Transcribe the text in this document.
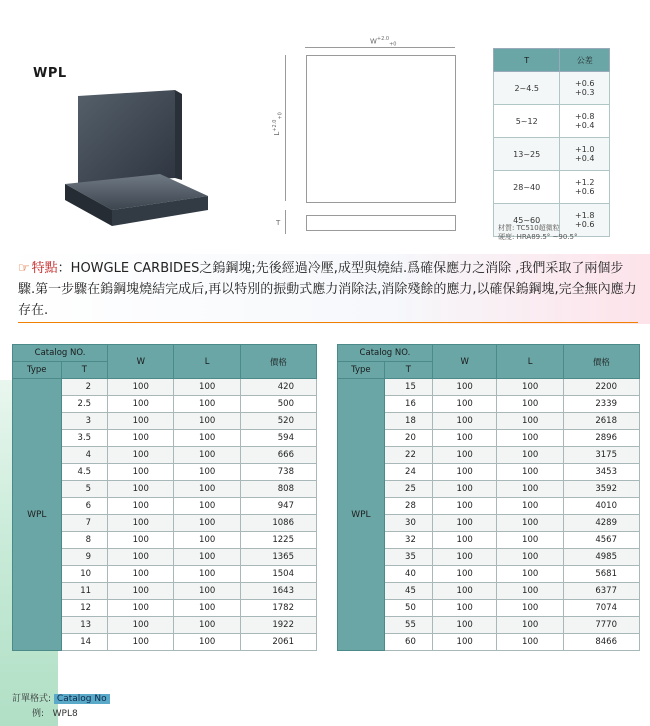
WPL
$W^{+2.0}_{+0}$
$L^{+2.0}_{+0}$
T
T	公差
2~4.5	+0.6
+0.3

5~12	+0.8
+0.4

13~25	+1.0
+0.4

28~40	+1.2
+0.6

45~60	+1.8
+0.6
材質: TC510超微粒
硬度: HRA89.5° ~90.5°
☞ 特點：HOWGLE CARBIDES之鎢鋼塊;先後經過冷壓,成型與燒結.爲確保應力之消除 ,我們采取了兩個步驟.第一步驟在鎢鋼塊燒結完成后,再以特別的振動式應力消除法,消除殘餘的應力,以確保鎢鋼塊,完全無內應力存在.
Catalog NO.		W	L	價格
Type	T			
WPL	2	100	100	420
	2.5	100	100	500
	3	100	100	520
	3.5	100	100	594
	4	100	100	666
	4.5	100	100	738
	5	100	100	808
	6	100	100	947
	7	100	100	1086
	8	100	100	1225
	9	100	100	1365
	10	100	100	1504
	11	100	100	1643
	12	100	100	1782
	13	100	100	1922
	14	100	100	2061
Catalog NO.		W	L	價格
Type	T			
WPL	15	100	100	2200
	16	100	100	2339
	18	100	100	2618
	20	100	100	2896
	22	100	100	3175
	24	100	100	3453
	25	100	100	3592
	28	100	100	4010
	30	100	100	4289
	32	100	100	4567
	35	100	100	4985
	40	100	100	5681
	45	100	100	6377
	50	100	100	7074
	55	100	100	7770
	60	100	100	8466
訂單格式: Catalog No
例: WPL8
